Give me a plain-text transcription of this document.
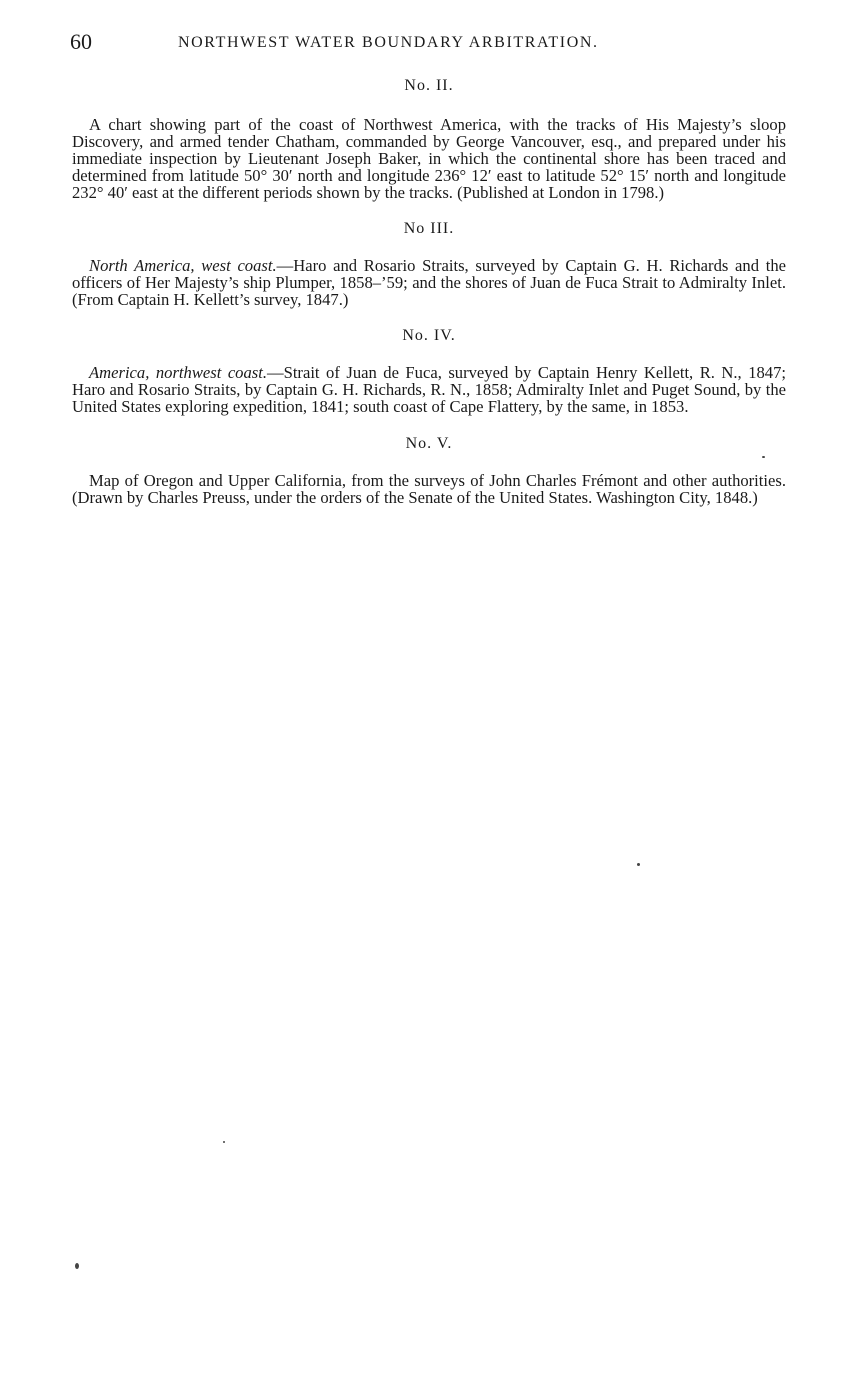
60	NORTHWEST WATER BOUNDARY ARBITRATION.

No. II.

A chart showing part of the coast of Northwest America, with the tracks of His Majesty’s sloop Discovery, and armed tender Chatham, commanded by George Vancouver, esq., and prepared under his immediate inspection by Lieutenant Joseph Baker, in which the continental shore has been traced and determined from latitude 50° 30′ north and longitude 236° 12′ east to latitude 52° 15′ north and longitude 232° 40′ east at the different periods shown by the tracks. (Published at London in 1798.)

No III.

North America, west coast.—Haro and Rosario Straits, surveyed by Captain G. H. Richards and the officers of Her Majesty’s ship Plumper, 1858–’59; and the shores of Juan de Fuca Strait to Admiralty Inlet. (From Captain H. Kellett’s survey, 1847.)

No. IV.

America, northwest coast.—Strait of Juan de Fuca, surveyed by Captain Henry Kellett, R. N., 1847; Haro and Rosario Straits, by Captain G. H. Richards, R. N., 1858; Admiralty Inlet and Puget Sound, by the United States exploring expedition, 1841; south coast of Cape Flattery, by the same, in 1853.

No. V.

Map of Oregon and Upper California, from the surveys of John Charles Frémont and other authorities. (Drawn by Charles Preuss, under the orders of the Senate of the United States. Washington City, 1848.)
